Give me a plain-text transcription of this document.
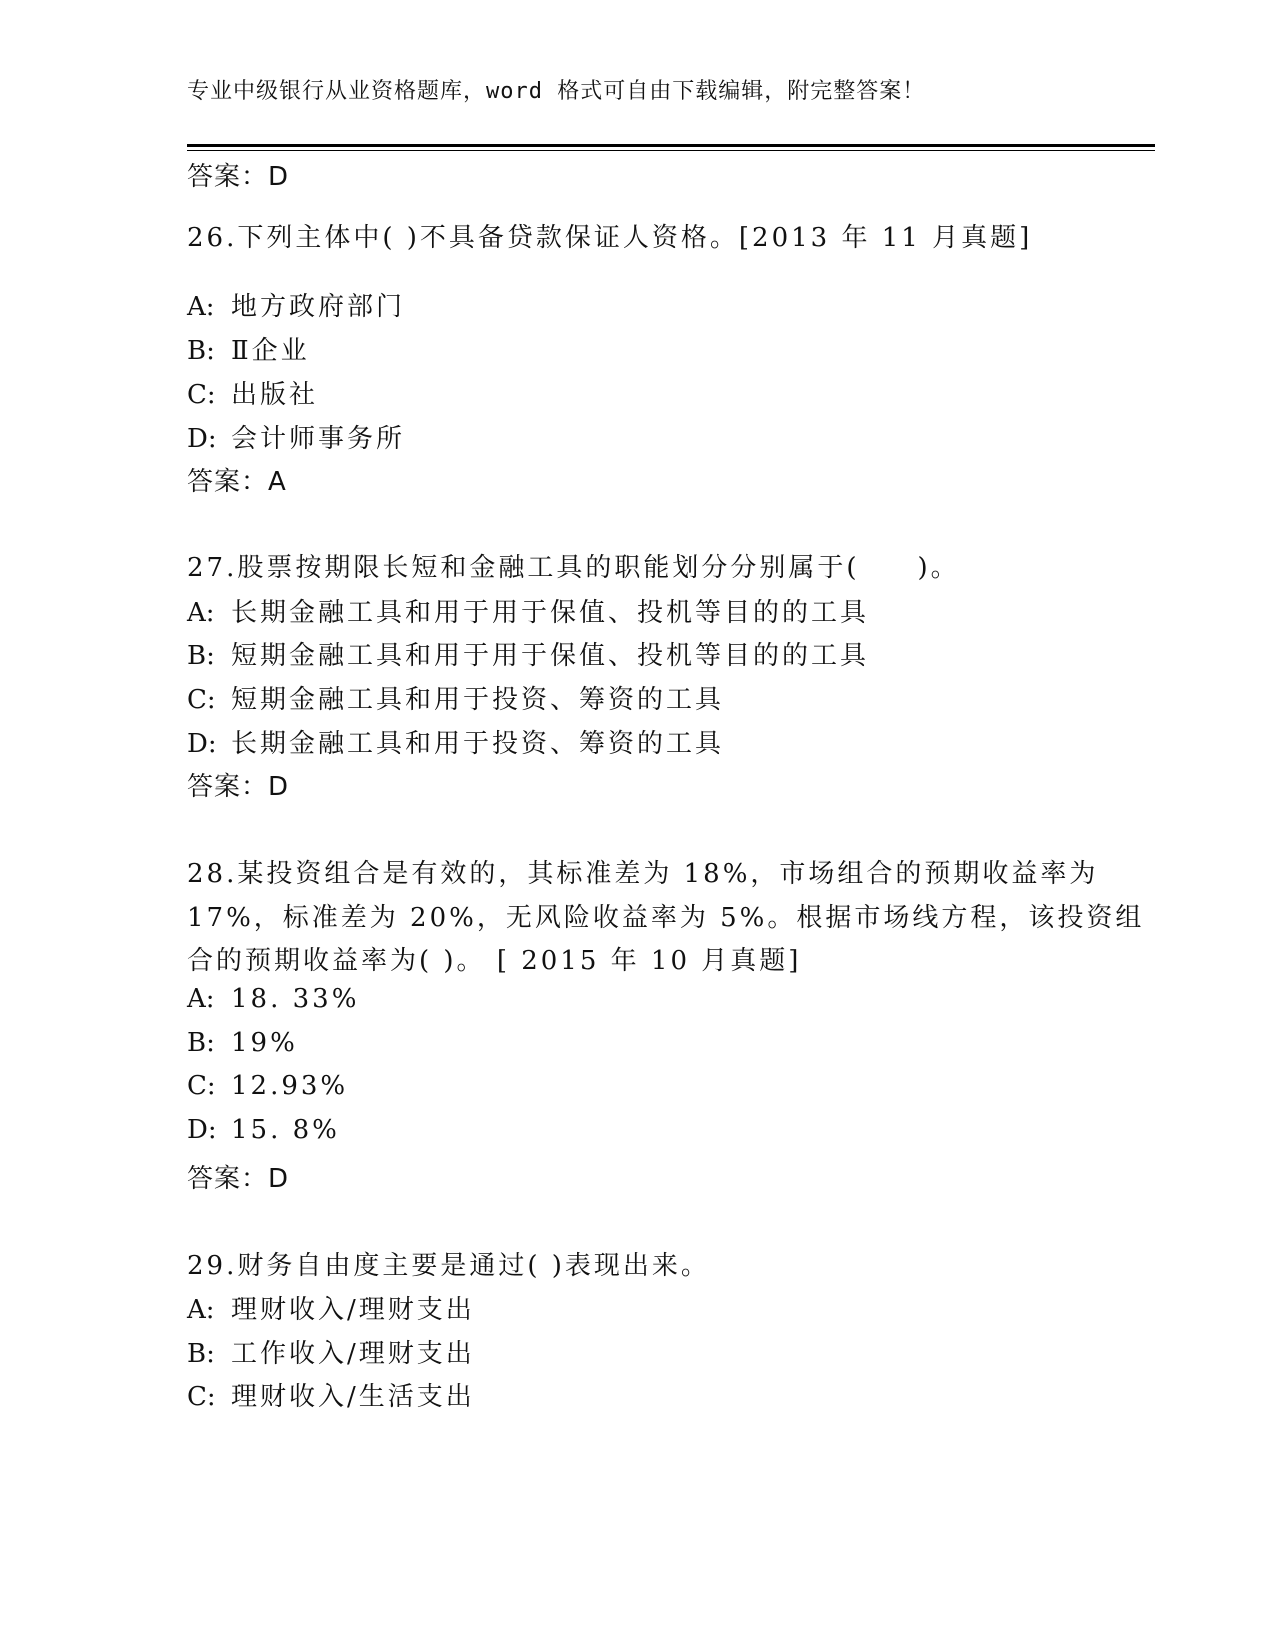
专业中级银行从业资格题库，word 格式可自由下载编辑，附完整答案！
答案：D
26.下列主体中( )不具备贷款保证人资格。[2013 年 11 月真题]
A: 地方政府部门
B: Ⅱ企业
C: 出版社
D: 会计师事务所
答案：A
27.股票按期限长短和金融工具的职能划分分别属于(　　)。
A: 长期金融工具和用于用于保值、投机等目的的工具
B: 短期金融工具和用于用于保值、投机等目的的工具
C: 短期金融工具和用于投资、筹资的工具
D: 长期金融工具和用于投资、筹资的工具
答案：D
28.某投资组合是有效的，其标准差为 18%，市场组合的预期收益率为
17%，标准差为 20%，无风险收益率为 5%。根据市场线方程，该投资组
合的预期收益率为( )。 [ 2015 年 10 月真题]
A: 18. 33%
B: 19%
C: 12.93%
D: 15. 8%
答案：D
29.财务自由度主要是通过( )表现出来。
A: 理财收入/理财支出
B: 工作收入/理财支出
C: 理财收入/生活支出
